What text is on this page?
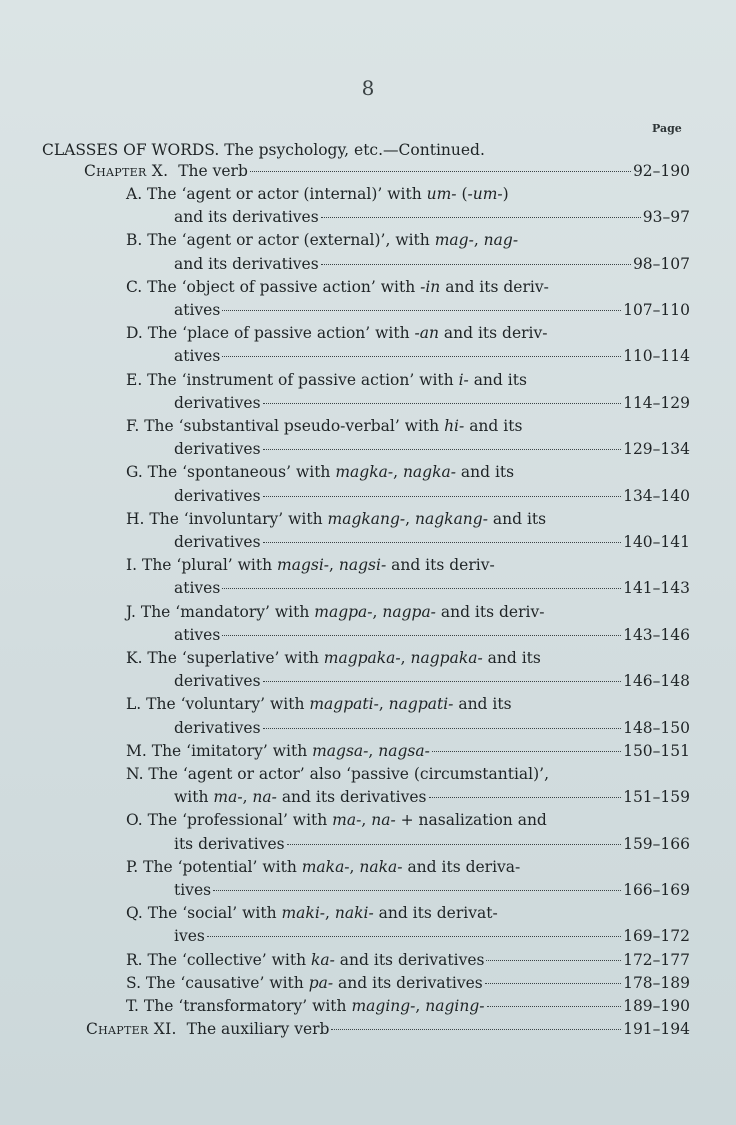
8
Page
CLASSES OF WORDS. The psychology, etc.—Continued.
Chapter X. The verb	92–190
A. The ‘agent or actor (internal)’ with um- (-um-)
and its derivatives	93–97
B. The ‘agent or actor (external)’, with mag-, nag-
and its derivatives	98–107
C. The ‘object of passive action’ with -in and its deriv-
atives	107–110
D. The ‘place of passive action’ with -an and its deriv-
atives	110–114
E. The ‘instrument of passive action’ with i- and its
derivatives	114–129
F. The ‘substantival pseudo-verbal’ with hi- and its
derivatives	129–134
G. The ‘spontaneous’ with magka-, nagka- and its
derivatives	134–140
H. The ‘involuntary’ with magkang-, nagkang- and its
derivatives	140–141
I. The ‘plural’ with magsi-, nagsi- and its deriv-
atives	141–143
J. The ‘mandatory’ with magpa-, nagpa- and its deriv-
atives	143–146
K. The ‘superlative’ with magpaka-, nagpaka- and its
derivatives	146–148
L. The ‘voluntary’ with magpati-, nagpati- and its
derivatives	148–150
M. The ‘imitatory’ with magsa-, nagsa-	150–151
N. The ‘agent or actor’ also ‘passive (circumstantial)’,
with ma-, na- and its derivatives	151–159
O. The ‘professional’ with ma-, na- + nasalization and
its derivatives	159–166
P. The ‘potential’ with maka-, naka- and its deriva-
tives	166–169
Q. The ‘social’ with maki-, naki- and its derivat-
ives	169–172
R. The ‘collective’ with ka- and its derivatives	172–177
S. The ‘causative’ with pa- and its derivatives	178–189
T. The ‘transformatory’ with maging-, naging-	189–190
Chapter XI. The auxiliary verb	191–194
